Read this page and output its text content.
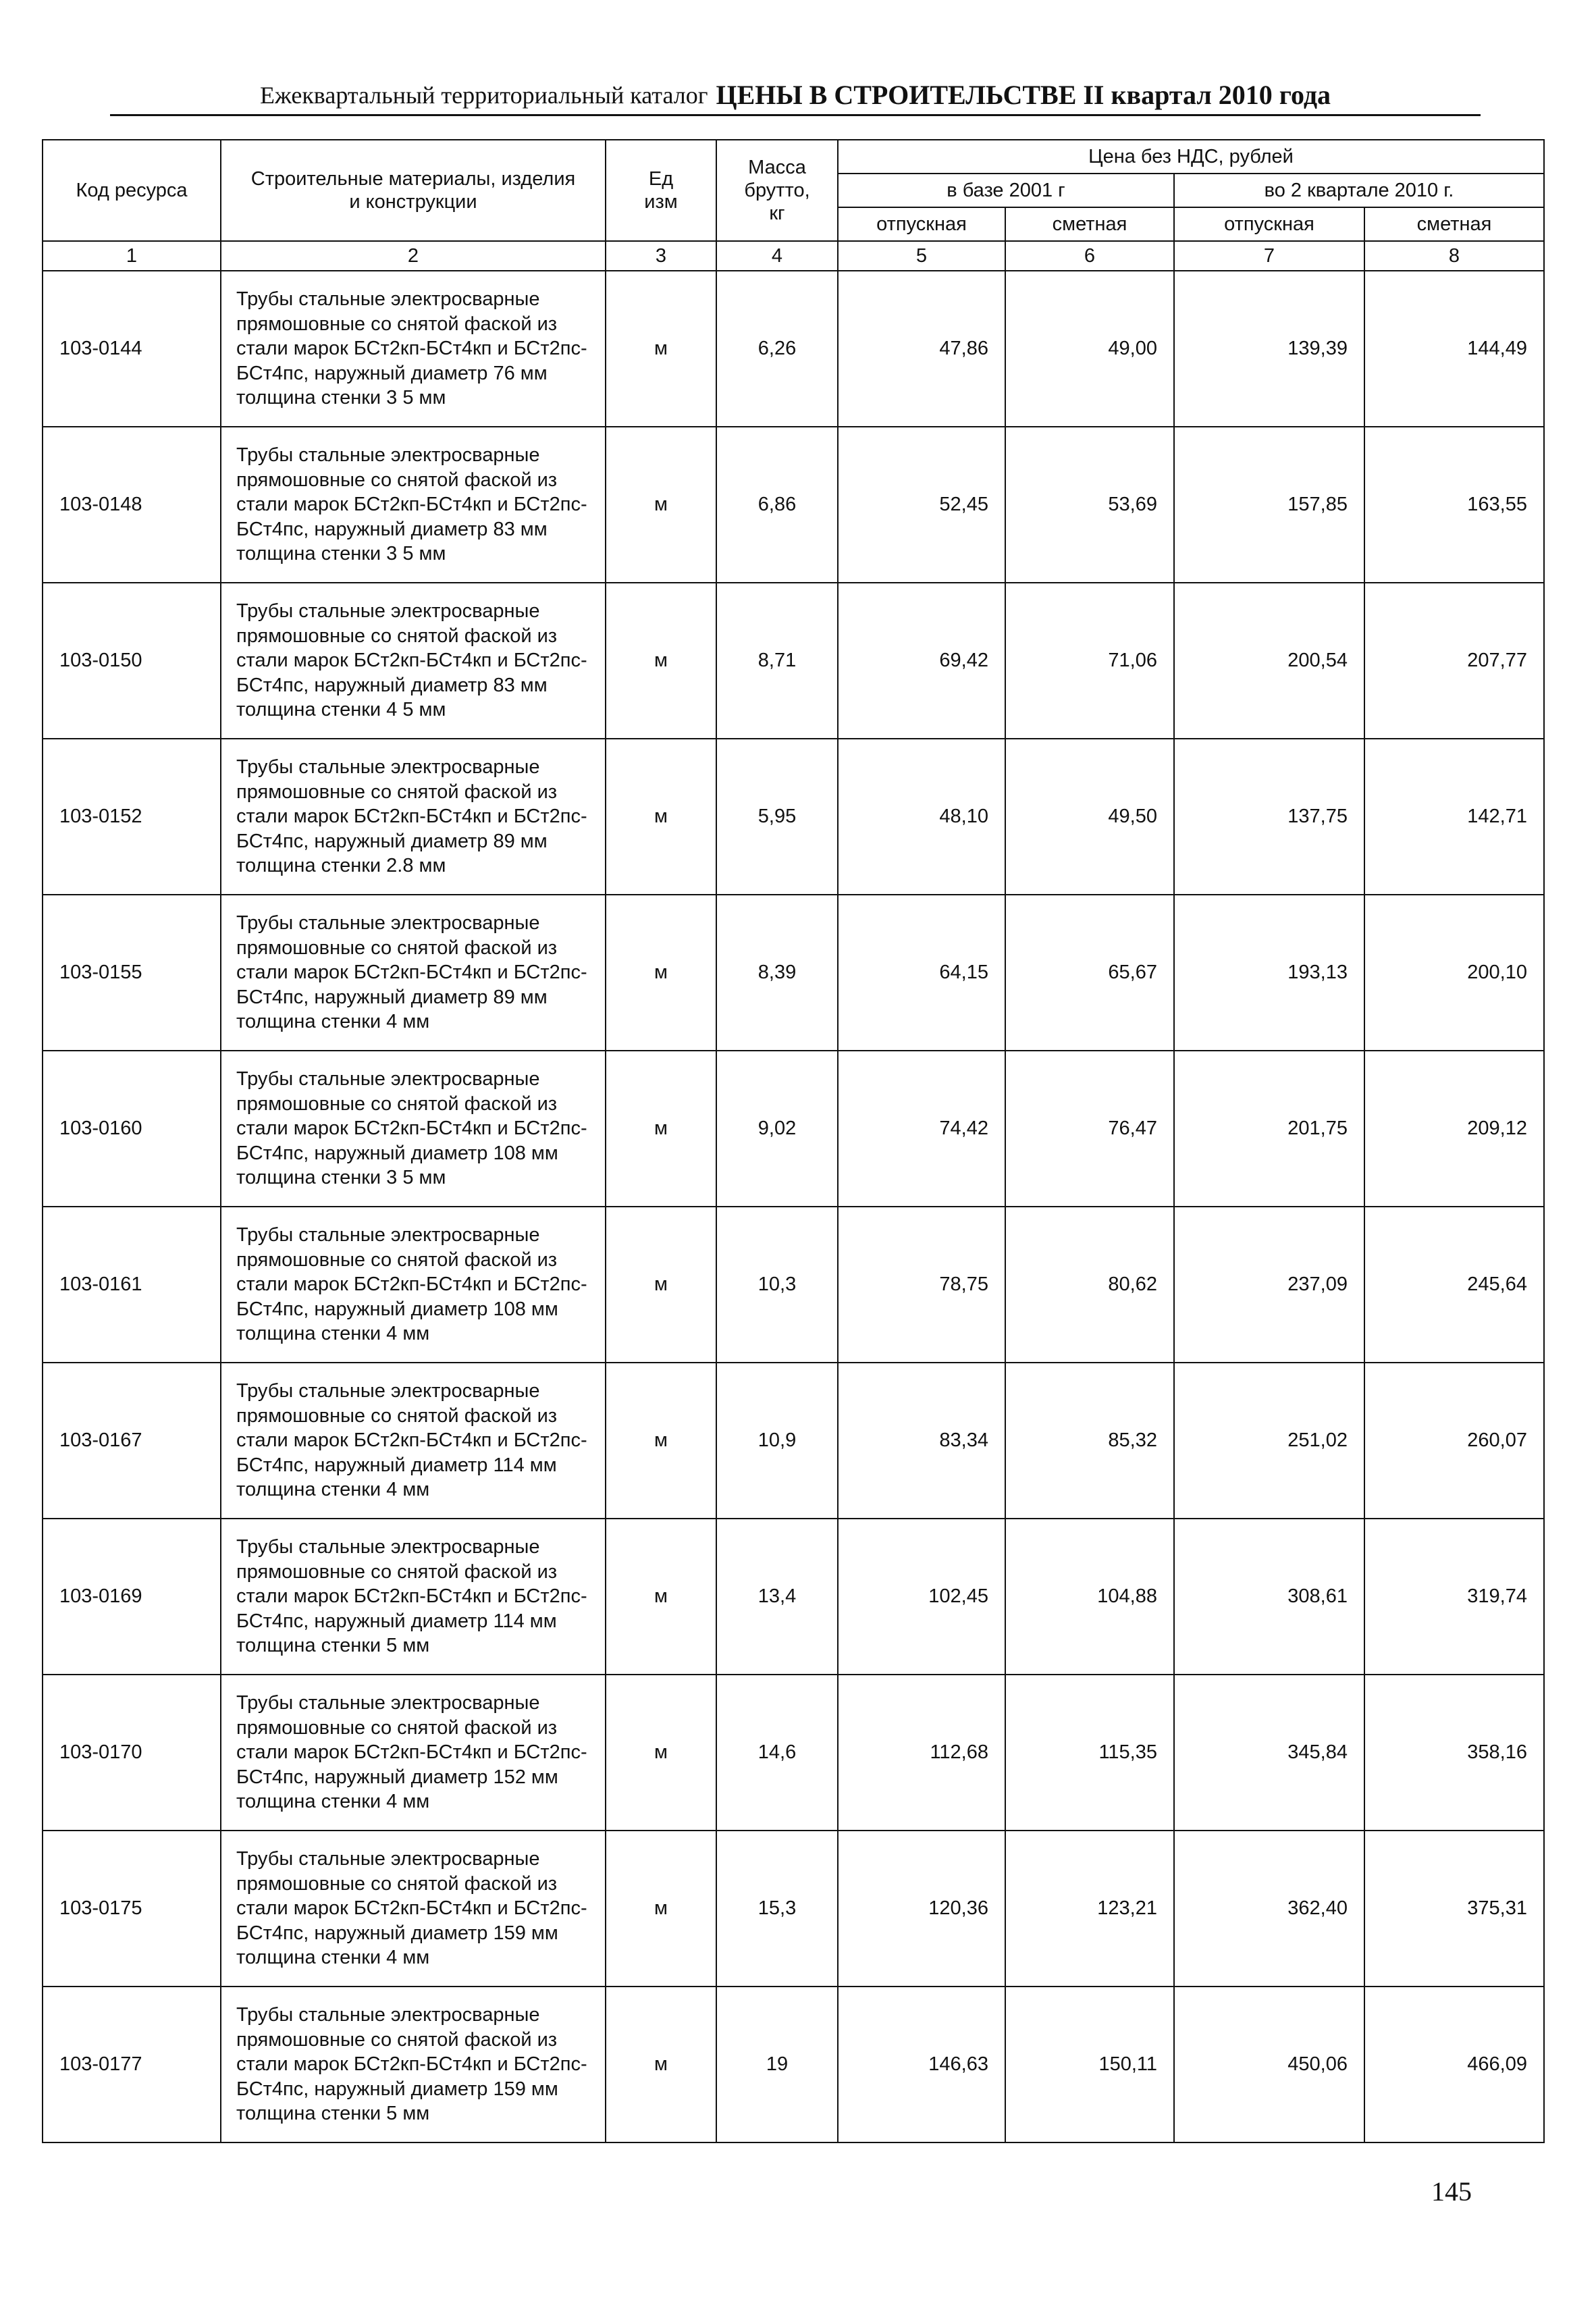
Ежеквартальный территориальный каталог ЦЕНЫ В СТРОИТЕЛЬСТВЕ II квартал 2010 года
Код ресурса	Строительные материалы, изделия и конструкции	Ед изм	Масса брутто, кг	Цена без НДС, рублей			
				в базе 2001 г		во 2 квартале 2010 г.	
				отпускная	сметная	отпускная	сметная
1	2	3	4	5	6	7	8
103-0144	Трубы стальные электросварные прямошовные со снятой фаской из стали марок БСт2кп-БСт4кп и БСт2пс-БСт4пс, наружный диаметр 76 мм толщина стенки 3 5 мм	м	6,26	47,86	49,00	139,39	144,49
103-0148	Трубы стальные электросварные прямошовные со снятой фаской из стали марок БСт2кп-БСт4кп и БСт2пс-БСт4пс, наружный диаметр 83 мм толщина стенки 3 5 мм	м	6,86	52,45	53,69	157,85	163,55
103-0150	Трубы стальные электросварные прямошовные со снятой фаской из стали марок БСт2кп-БСт4кп и БСт2пс-БСт4пс, наружный диаметр 83 мм толщина стенки 4 5 мм	м	8,71	69,42	71,06	200,54	207,77
103-0152	Трубы стальные электросварные прямошовные со снятой фаской из стали марок БСт2кп-БСт4кп и БСт2пс-БСт4пс, наружный диаметр 89 мм толщина стенки 2.8 мм	м	5,95	48,10	49,50	137,75	142,71
103-0155	Трубы стальные электросварные прямошовные со снятой фаской из стали марок БСт2кп-БСт4кп и БСт2пс-БСт4пс, наружный диаметр 89 мм толщина стенки 4 мм	м	8,39	64,15	65,67	193,13	200,10
103-0160	Трубы стальные электросварные прямошовные со снятой фаской из стали марок БСт2кп-БСт4кп и БСт2пс-БСт4пс, наружный диаметр 108 мм толщина стенки 3 5 мм	м	9,02	74,42	76,47	201,75	209,12
103-0161	Трубы стальные электросварные прямошовные со снятой фаской из стали марок БСт2кп-БСт4кп и БСт2пс-БСт4пс, наружный диаметр 108 мм толщина стенки 4 мм	м	10,3	78,75	80,62	237,09	245,64
103-0167	Трубы стальные электросварные прямошовные со снятой фаской из стали марок БСт2кп-БСт4кп и БСт2пс-БСт4пс, наружный диаметр 114 мм толщина стенки 4 мм	м	10,9	83,34	85,32	251,02	260,07
103-0169	Трубы стальные электросварные прямошовные со снятой фаской из стали марок БСт2кп-БСт4кп и БСт2пс-БСт4пс, наружный диаметр 114 мм толщина стенки 5 мм	м	13,4	102,45	104,88	308,61	319,74
103-0170	Трубы стальные электросварные прямошовные со снятой фаской из стали марок БСт2кп-БСт4кп и БСт2пс-БСт4пс, наружный диаметр 152 мм толщина стенки 4 мм	м	14,6	112,68	115,35	345,84	358,16
103-0175	Трубы стальные электросварные прямошовные со снятой фаской из стали марок БСт2кп-БСт4кп и БСт2пс-БСт4пс, наружный диаметр 159 мм толщина стенки 4 мм	м	15,3	120,36	123,21	362,40	375,31
103-0177	Трубы стальные электросварные прямошовные со снятой фаской из стали марок БСт2кп-БСт4кп и БСт2пс-БСт4пс, наружный диаметр 159 мм толщина стенки 5 мм	м	19	146,63	150,11	450,06	466,09
145
